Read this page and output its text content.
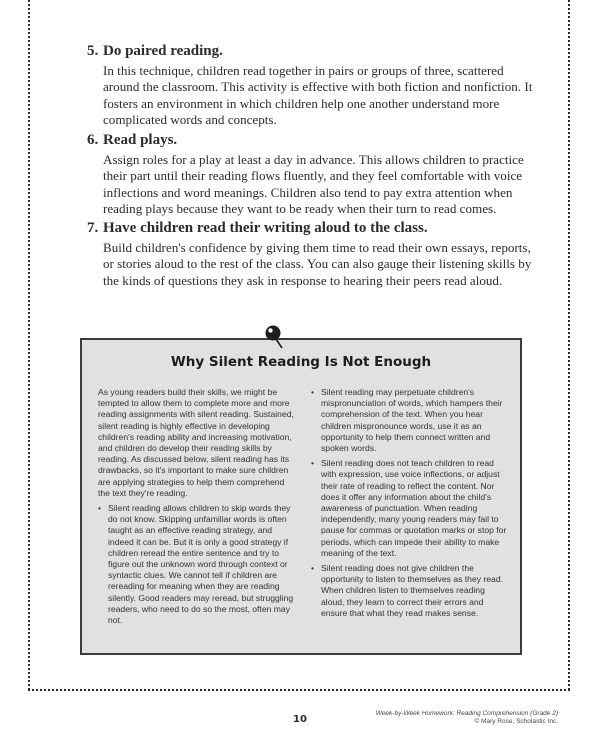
5. Do paired reading.

In this technique, children read together in pairs or groups of three, scattered around the classroom. This activity is effective with both fiction and nonfiction. It fosters an environment in which children help one another understand more complicated words and concepts.

6. Read plays.

Assign roles for a play at least a day in advance. This allows children to practice their part until their reading flows fluently, and they feel comfortable with voice inflections and word meanings. Children also tend to pay extra attention when reading plays because they want to be ready when their turn to read comes.

7. Have children read their writing aloud to the class.

Build children's confidence by giving them time to read their own essays, reports, or stories aloud to the rest of the class. You can also gauge their listening skills by the kinds of questions they ask in response to hearing their peers read aloud.

Why Silent Reading Is Not Enough

As young readers build their skills, we might be tempted to allow them to complete more and more reading assignments with silent reading. Sustained, silent reading is highly effective in developing children's reading ability and increasing motivation, and children do develop their reading skills by reading. As discussed below, silent reading has its drawbacks, so it's important to make sure children are applying strategies to help them comprehend the text they're reading.

• Silent reading allows children to skip words they do not know. Skipping unfamiliar words is often taught as an effective reading strategy, and indeed it can be. But it is only a good strategy if children reread the entire sentence and try to figure out the unknown word through context or syntactic clues. We cannot tell if children are rereading for meaning when they are reading silently. Good readers may reread, but struggling readers, who need to do so the most, often may not.
• Silent reading may perpetuate children's mispronunciation of words, which hampers their comprehension of the text. When you hear children mispronounce words, use it as an opportunity to help them connect written and spoken words.
• Silent reading does not teach children to read with expression, use voice inflections, or adjust their rate of reading to reflect the content. Nor does it offer any information about the child's awareness of punctuation. When reading independently, many young readers may fail to pause for commas or quotation marks or stop for periods, which can impede their ability to make meaning of the text.
• Silent reading does not give children the opportunity to listen to themselves as they read. When children listen to themselves reading aloud, they learn to correct their errors and ensure that what they read makes sense.
10
Week-by-Week Homework: Reading Comprehension (Grade 2)
© Mary Rose, Scholastic Inc.
